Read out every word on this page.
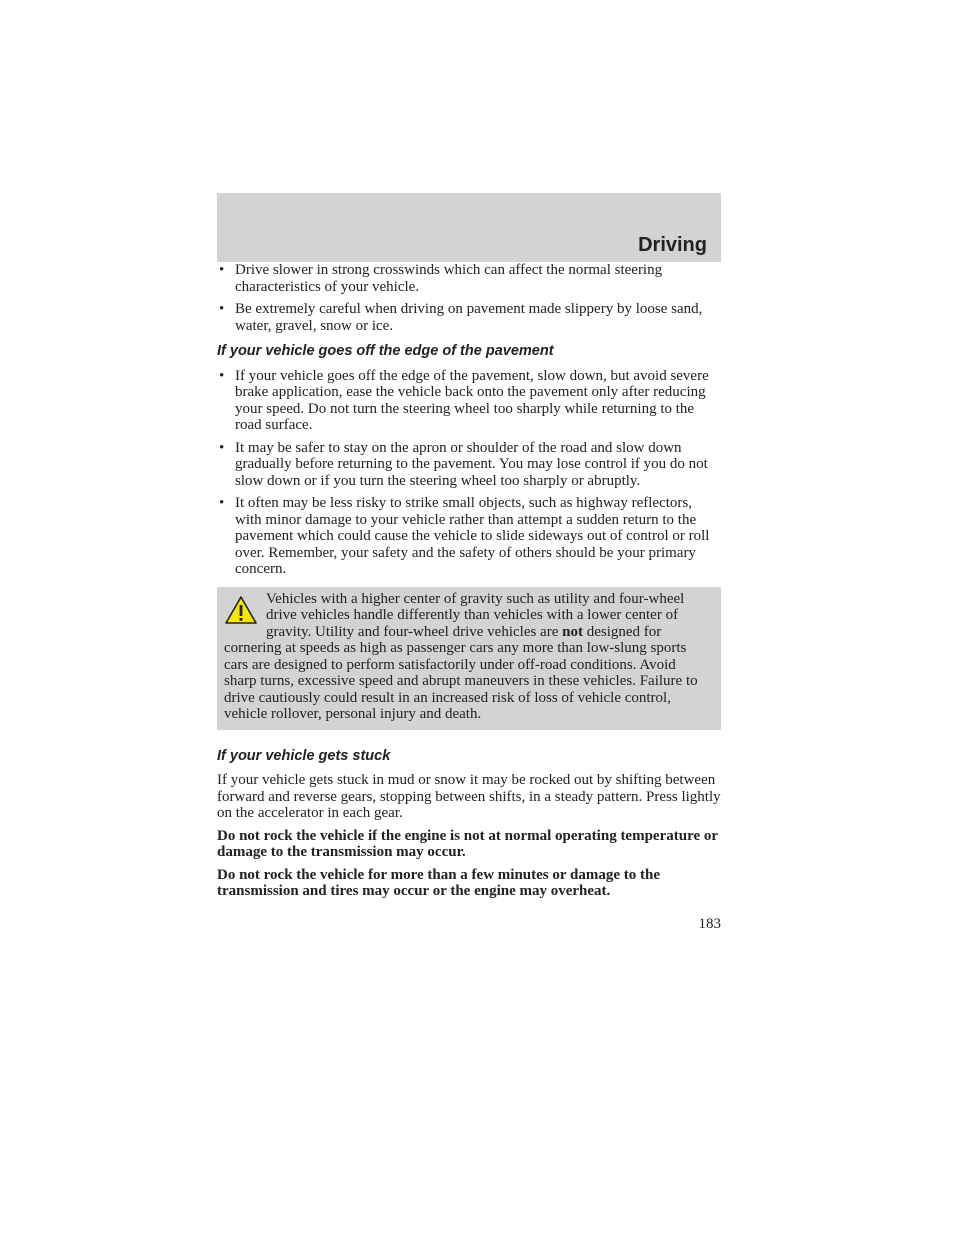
Driving
• Drive slower in strong crosswinds which can affect the normal steering characteristics of your vehicle.
• Be extremely careful when driving on pavement made slippery by loose sand, water, gravel, snow or ice.
If your vehicle goes off the edge of the pavement
• If your vehicle goes off the edge of the pavement, slow down, but avoid severe brake application, ease the vehicle back onto the pavement only after reducing your speed. Do not turn the steering wheel too sharply while returning to the road surface.
• It may be safer to stay on the apron or shoulder of the road and slow down gradually before returning to the pavement. You may lose control if you do not slow down or if you turn the steering wheel too sharply or abruptly.
• It often may be less risky to strike small objects, such as highway reflectors, with minor damage to your vehicle rather than attempt a sudden return to the pavement which could cause the vehicle to slide sideways out of control or roll over. Remember, your safety and the safety of others should be your primary concern.

Vehicles with a higher center of gravity such as utility and four-wheel drive vehicles handle differently than vehicles with a lower center of gravity. Utility and four-wheel drive vehicles are not designed for cornering at speeds as high as passenger cars any more than low-slung sports cars are designed to perform satisfactorily under off-road conditions. Avoid sharp turns, excessive speed and abrupt maneuvers in these vehicles. Failure to drive cautiously could result in an increased risk of loss of vehicle control, vehicle rollover, personal injury and death.

If your vehicle gets stuck

If your vehicle gets stuck in mud or snow it may be rocked out by shifting between forward and reverse gears, stopping between shifts, in a steady pattern. Press lightly on the accelerator in each gear.

Do not rock the vehicle if the engine is not at normal operating temperature or damage to the transmission may occur.

Do not rock the vehicle for more than a few minutes or damage to the transmission and tires may occur or the engine may overheat.

183
